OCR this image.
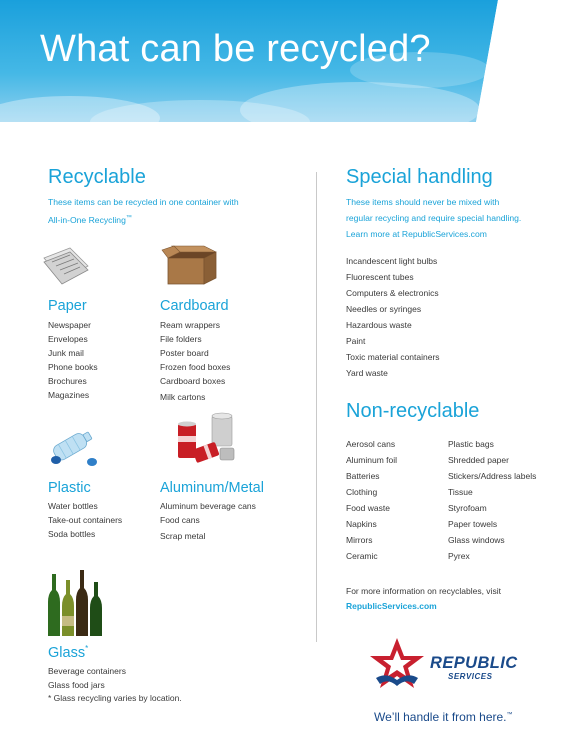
What can be recycled?
Recyclable
These items can be recycled in one container with
All-in-One Recycling™
Paper
Newspaper
Envelopes
Junk mail
Phone books
Brochures
Magazines
Cardboard
Ream wrappers
File folders
Poster board
Frozen food boxes
Cardboard boxes
Milk cartons
Plastic
Water bottles
Take-out containers
Soda bottles
Aluminum/Metal
Aluminum beverage cans
Food cans
Scrap metal
Glass*
Beverage containers
Glass food jars
* Glass recycling varies by location.
Special handling
These items should never be mixed with
regular recycling and require special handling.
Learn more at RepublicServices.com
Incandescent light bulbs
Fluorescent tubes
Computers & electronics
Needles or syringes
Hazardous waste
Paint
Toxic material containers
Yard waste
Non-recyclable
Aerosol cans
Aluminum foil
Batteries
Clothing
Food waste
Napkins
Mirrors
Ceramic
Plastic bags
Shredded paper
Stickers/Address labels
Tissue
Styrofoam
Paper towels
Glass windows
Pyrex
For more information on recyclables, visit
RepublicServices.com
REPUBLIC
SERVICES
We’ll handle it from here.™
